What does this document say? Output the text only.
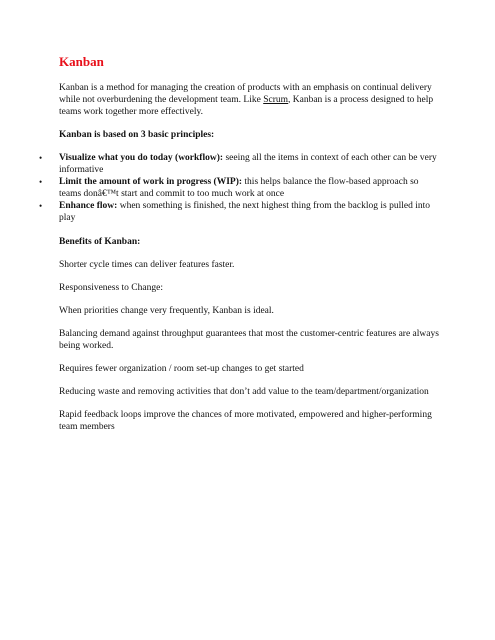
Kanban

Kanban is a method for managing the creation of products with an emphasis on continual delivery while not overburdening the development team. Like Scrum, Kanban is a process designed to help teams work together more effectively.

Kanban is based on 3 basic principles:

• Visualize what you do today (workflow): seeing all the items in context of each other can be very informative
• Limit the amount of work in progress (WIP): this helps balance the flow-based approach so teams donâ€™t start and commit to too much work at once
• Enhance flow: when something is finished, the next highest thing from the backlog is pulled into play

Benefits of Kanban:

Shorter cycle times can deliver features faster.

Responsiveness to Change:

When priorities change very frequently, Kanban is ideal.

Balancing demand against throughput guarantees that most the customer-centric features are always being worked.

Requires fewer organization / room set-up changes to get started

Reducing waste and removing activities that don’t add value to the team/department/organization

Rapid feedback loops improve the chances of more motivated, empowered and higher-performing team members
